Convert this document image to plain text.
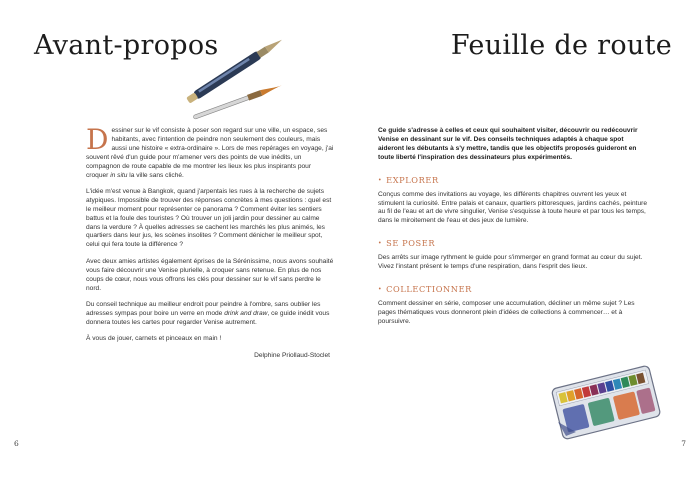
Avant-propos

Dessiner sur le vif consiste à poser son regard sur une ville, un espace, ses habitants, avec l'intention de peindre non seulement des couleurs, mais aussi une histoire « extra-ordinaire ». Lors de mes repérages en voyage, j'ai souvent rêvé d'un guide pour m'amener vers des points de vue inédits, un compagnon de route capable de me montrer les lieux les plus inspirants pour croquer in situ la ville sans cliché.

L'idée m'est venue à Bangkok, quand j'arpentais les rues à la recherche de sujets atypiques. Impossible de trouver des réponses concrètes à mes questions : quel est le meilleur moment pour représenter ce panorama ? Comment éviter les sentiers battus et la foule des touristes ? Où trouver un joli jardin pour dessiner au calme dans la verdure ? À quelles adresses se cachent les marchés les plus animés, les quartiers dans leur jus, les scènes insolites ? Comment dénicher le meilleur spot, celui qui fera toute la différence ?

Avec deux amies artistes également éprises de la Sérénissime, nous avons souhaité vous faire découvrir une Venise plurielle, à croquer sans retenue. En plus de nos coups de cœur, nous vous offrons les clés pour dessiner sur le vif sans perdre le nord.

Du conseil technique au meilleur endroit pour peindre à l'ombre, sans oublier les adresses sympas pour boire un verre en mode drink and draw, ce guide inédit vous donnera toutes les cartes pour regarder Venise autrement.

À vous de jouer, carnets et pinceaux en main !

Delphine Priollaud-Stoclet

6
Feuille de route

Ce guide s'adresse à celles et ceux qui souhaitent visiter, découvrir ou redécouvrir Venise en dessinant sur le vif. Des conseils techniques adaptés à chaque spot aideront les débutants à s'y mettre, tandis que les objectifs proposés guideront en toute liberté l'inspiration des dessinateurs plus expérimentés.

• EXPLORER

Conçus comme des invitations au voyage, les différents chapitres ouvrent les yeux et stimulent la curiosité. Entre palais et canaux, quartiers pittoresques, jardins cachés, peinture au fil de l'eau et art de vivre singulier, Venise s'esquisse à toute heure et par tous les temps, dans le miroitement de l'eau et des jeux de lumière.

• SE POSER

Des arrêts sur image rythment le guide pour s'immerger en grand format au cœur du sujet. Vivez l'instant présent le temps d'une respiration, dans l'esprit des lieux.

• COLLECTIONNER

Comment dessiner en série, composer une accumulation, décliner un même sujet ? Les pages thématiques vous donneront plein d'idées de collections à commencer… et à poursuivre.

7
